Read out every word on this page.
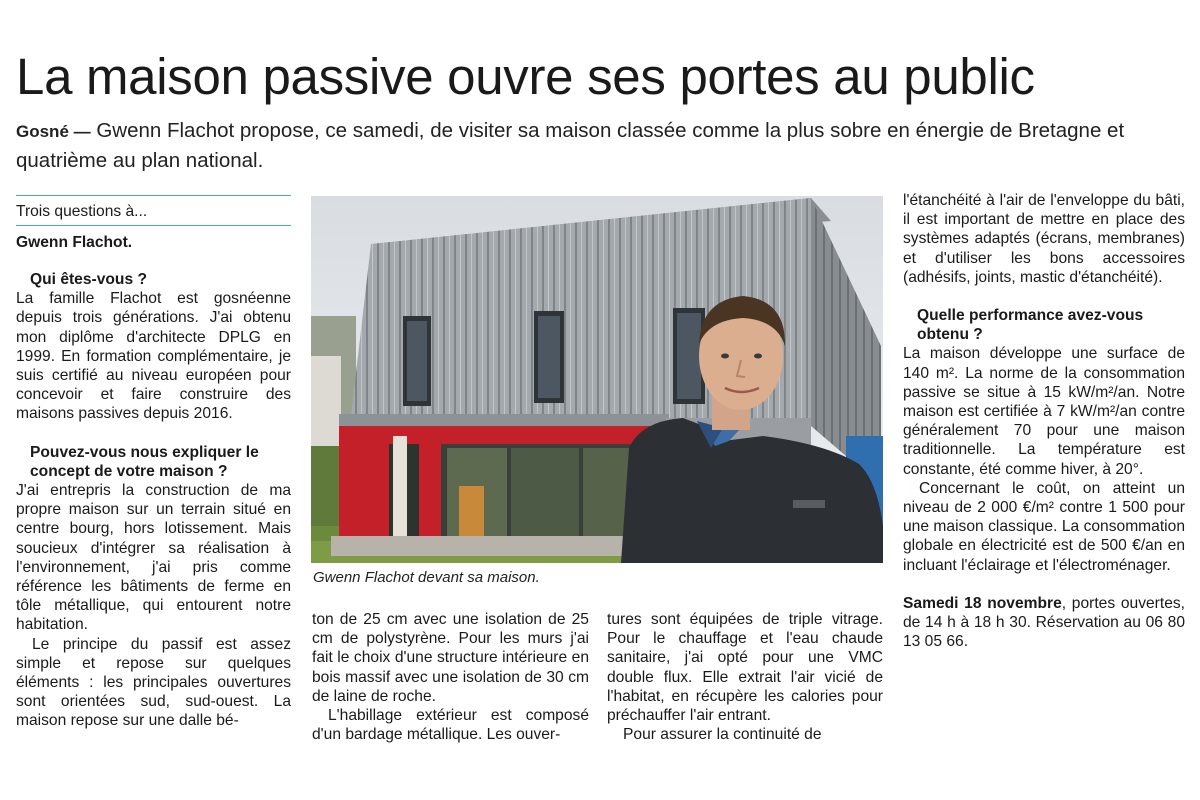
La maison passive ouvre ses portes au public
Gosné — Gwenn Flachot propose, ce samedi, de visiter sa maison classée comme la plus sobre en énergie de Bretagne et quatrième au plan national.
Trois questions à...
Gwenn Flachot.

Qui êtes-vous ?

La famille Flachot est gosnéenne depuis trois générations. J'ai obtenu mon diplôme d'architecte DPLG en 1999. En formation complémentaire, je suis certifié au niveau européen pour concevoir et faire construire des maisons passives depuis 2016.

Pouvez-vous nous expliquer le concept de votre maison ?

J'ai entrepris la construction de ma propre maison sur un terrain situé en centre bourg, hors lotissement. Mais soucieux d'intégrer sa réalisation à l'environnement, j'ai pris comme référence les bâtiments de ferme en tôle métallique, qui entourent notre habitation.

Le principe du passif est assez simple et repose sur quelques éléments : les principales ouvertures sont orientées sud, sud-ouest. La maison repose sur une dalle bé-

ton de 25 cm avec une isolation de 25 cm de polystyrène. Pour les murs j'ai fait le choix d'une structure intérieure en bois massif avec une isolation de 30 cm de laine de roche.

L'habillage extérieur est composé d'un bardage métallique. Les ouver-

tures sont équipées de triple vitrage. Pour le chauffage et l'eau chaude sanitaire, j'ai opté pour une VMC double flux. Elle extrait l'air vicié de l'habitat, en récupère les calories pour préchauffer l'air entrant.

Pour assurer la continuité de

l'étanchéité à l'air de l'enveloppe du bâti, il est important de mettre en place des systèmes adaptés (écrans, membranes) et d'utiliser les bons accessoires (adhésifs, joints, mastic d'étanchéité).

Quelle performance avez-vous obtenu ?

La maison développe une surface de 140 m². La norme de la consommation passive se situe à 15 kW/m²/an. Notre maison est certifiée à 7 kW/m²/an contre généralement 70 pour une maison traditionnelle. La température est constante, été comme hiver, à 20°.

Concernant le coût, on atteint un niveau de 2 000 €/m² contre 1 500 pour une maison classique. La consommation globale en électricité est de 500 €/an en incluant l'éclairage et l'électroménager.

Samedi 18 novembre, portes ouvertes, de 14 h à 18 h 30. Réservation au 06 80 13 05 66.

Gwenn Flachot devant sa maison.
